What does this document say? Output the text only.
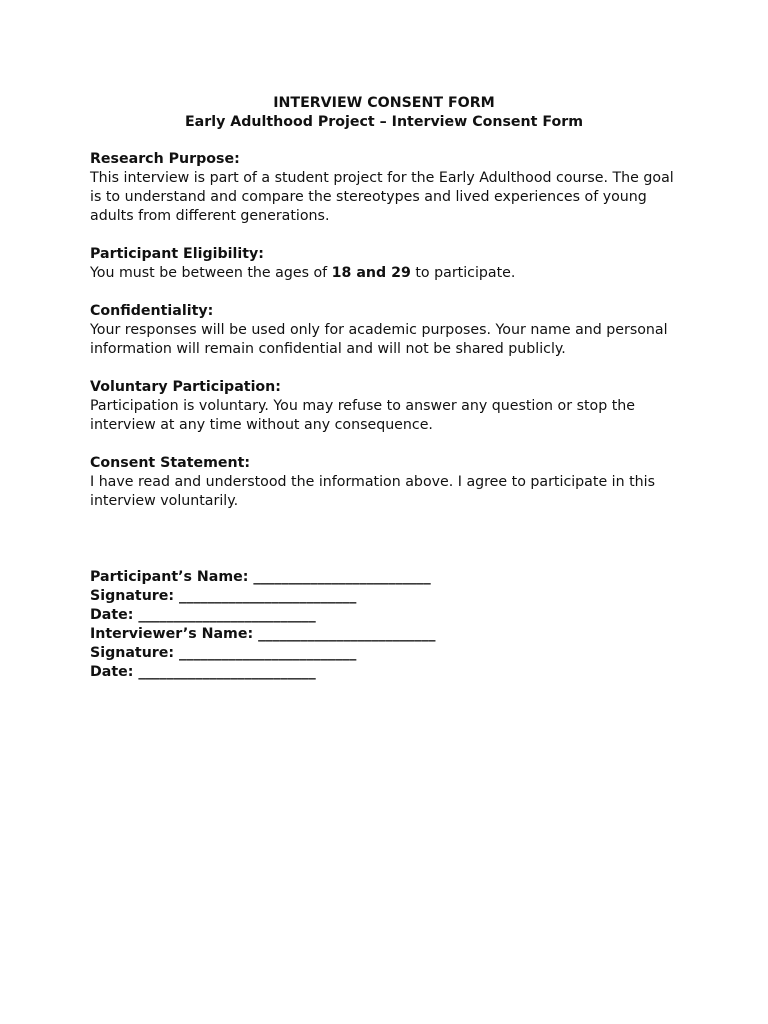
INTERVIEW CONSENT FORM
Early Adulthood Project – Interview Consent Form
Research Purpose:
This interview is part of a student project for the Early Adulthood course. The goal is to understand and compare the stereotypes and lived experiences of young adults from different generations.
Participant Eligibility:
You must be between the ages of 18 and 29 to participate.
Confidentiality:
Your responses will be used only for academic purposes. Your name and personal information will remain confidential and will not be shared publicly.
Voluntary Participation:
Participation is voluntary. You may refuse to answer any question or stop the interview at any time without any consequence.
Consent Statement:
I have read and understood the information above. I agree to participate in this interview voluntarily.
Participant’s Name: _________________________
Signature: _________________________
Date: _________________________
Interviewer’s Name: _________________________
Signature: _________________________
Date: _________________________
